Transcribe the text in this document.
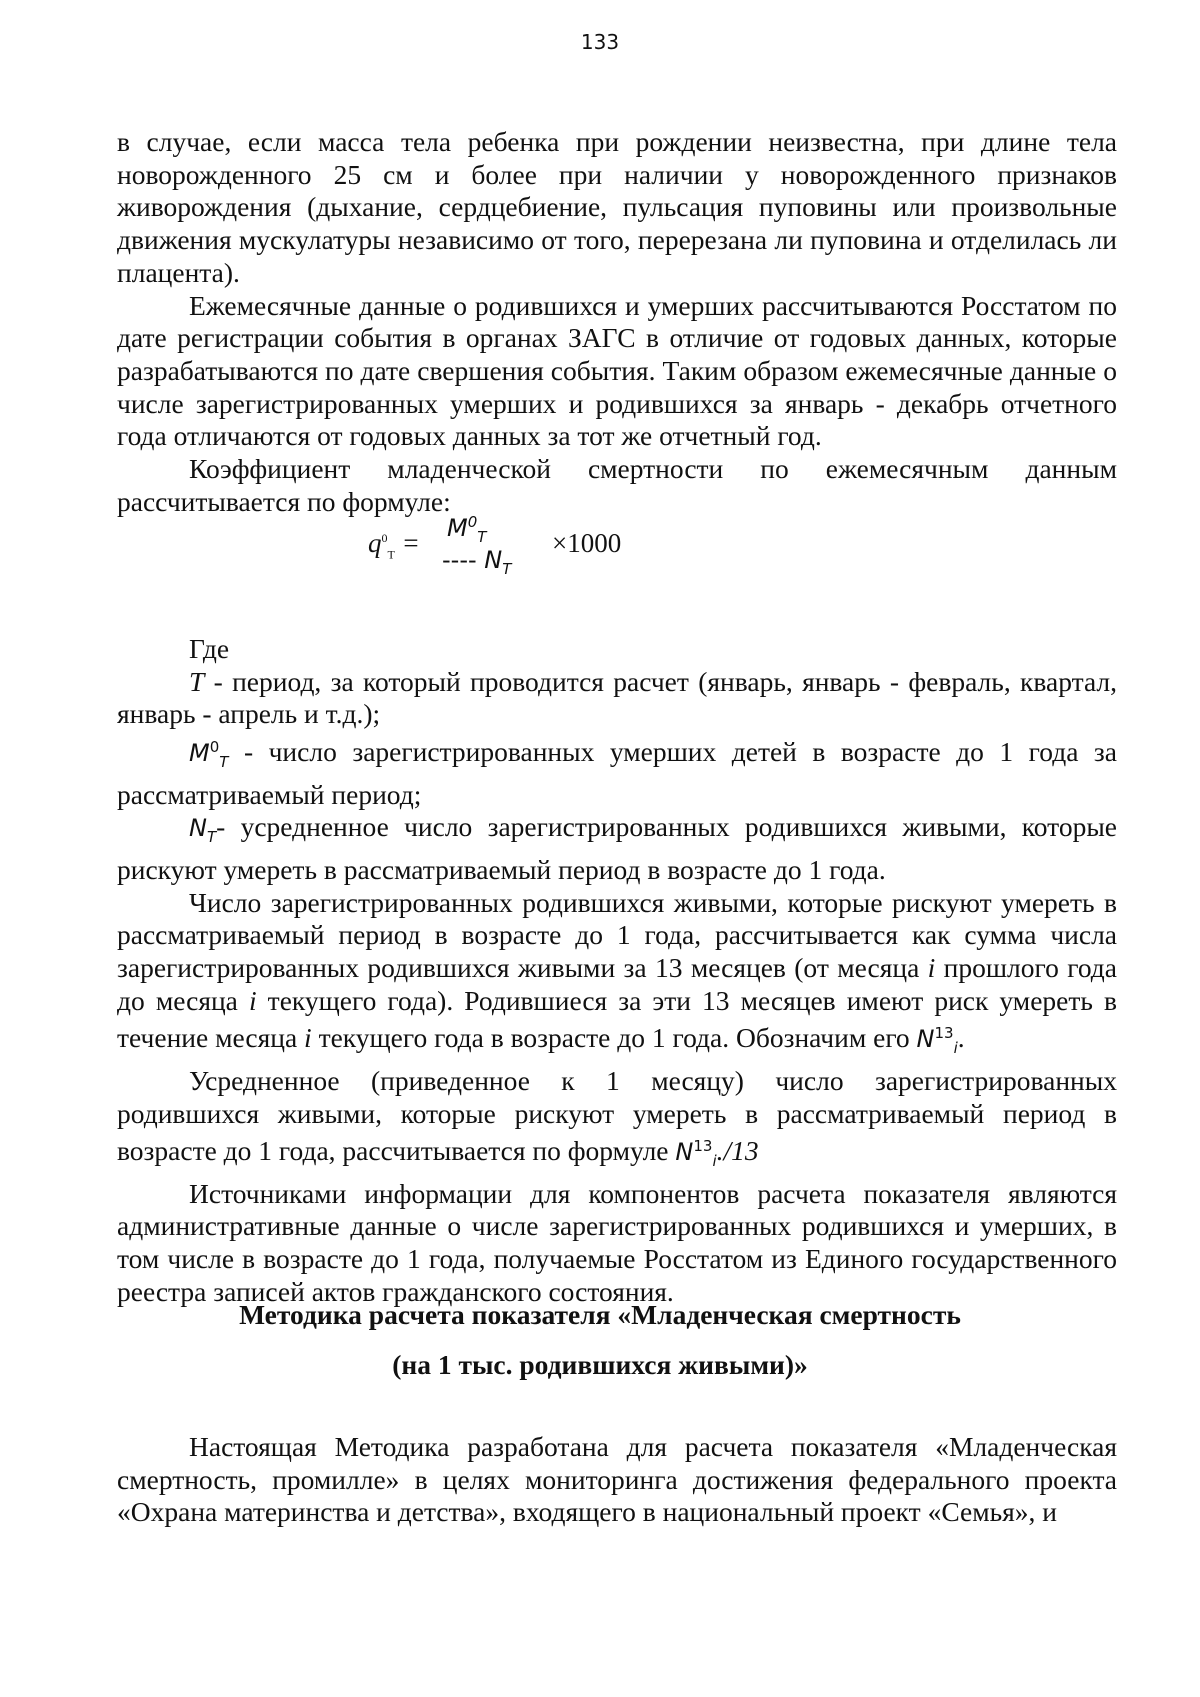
133

в случае, если масса тела ребенка при рождении неизвестна, при длине тела новорожденного 25 см и более при наличии у новорожденного признаков живорождения (дыхание, сердцебиение, пульсация пуповины или произвольные движения мускулатуры независимо от того, перерезана ли пуповина и отделилась ли плацента).

Ежемесячные данные о родившихся и умерших рассчитываются Росстатом по дате регистрации события в органах ЗАГС в отличие от годовых данных, которые разрабатываются по дате свершения события. Таким образом ежемесячные данные о числе зарегистрированных умерших и родившихся за январь - декабрь отчетного года отличаются от годовых данных за тот же отчетный год.

Коэффициент младенческой смертности по ежемесячным данным рассчитывается по формуле:

$q^0_T = M^0_T$
---- $N_T$
×1000

Где

T - период, за который проводится расчет (январь, январь - февраль, квартал, январь - апрель и т.д.);

$M^0_T$ - число зарегистрированных умерших детей в возрасте до 1 года за рассматриваемый период;

$N_T-$ усредненное число зарегистрированных родившихся живыми, которые рискуют умереть в рассматриваемый период в возрасте до 1 года.

Число зарегистрированных родившихся живыми, которые рискуют умереть в рассматриваемый период в возрасте до 1 года, рассчитывается как сумма числа зарегистрированных родившихся живыми за 13 месяцев (от месяца i прошлого года до месяца i текущего года). Родившиеся за эти 13 месяцев имеют риск умереть в течение месяца i текущего года в возрасте до 1 года. Обозначим его $N^{13}_i$.

Усредненное (приведенное к 1 месяцу) число зарегистрированных родившихся живыми, которые рискуют умереть в рассматриваемый период в возрасте до 1 года, рассчитывается по формуле $N^{13}_i./13$

Источниками информации для компонентов расчета показателя являются административные данные о числе зарегистрированных родившихся и умерших, в том числе в возрасте до 1 года, получаемые Росстатом из Единого государственного реестра записей актов гражданского состояния.

Методика расчета показателя «Младенческая смертность
(на 1 тыс. родившихся живыми)»

Настоящая Методика разработана для расчета показателя «Младенческая смертность, промилле» в целях мониторинга достижения федерального проекта «Охрана материнства и детства», входящего в национальный проект «Семья», и
